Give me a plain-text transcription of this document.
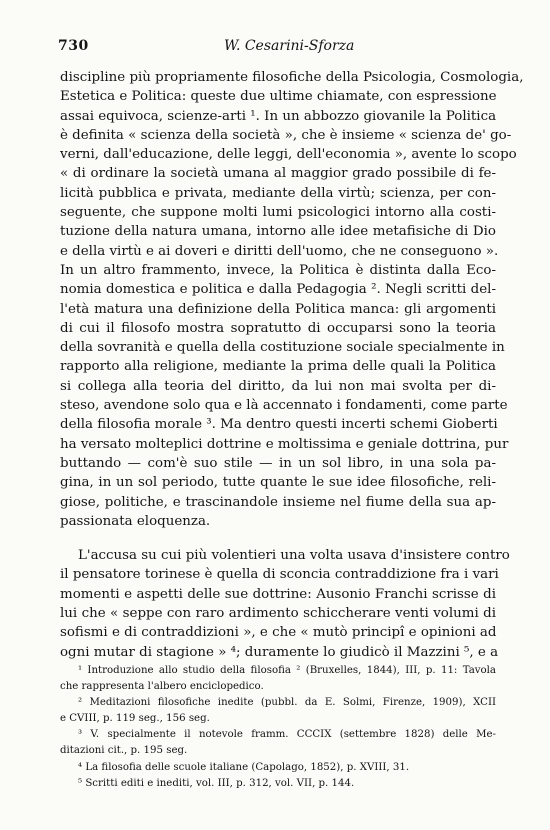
730	W. Cesarini-Sforza
discipline più propriamente filosofiche della Psicologia, Cosmologia,
Estetica e Politica: queste due ultime chiamate, con espressione
assai equivoca, scienze-arti ¹. In un abbozzo giovanile la Politica
è definita « scienza della società », che è insieme « scienza de' go-
verni, dall'educazione, delle leggi, dell'economia », avente lo scopo
« di ordinare la società umana al maggior grado possibile di fe-
licità pubblica e privata, mediante della virtù; scienza, per con-
seguente, che suppone molti lumi psicologici intorno alla costi-
tuzione della natura umana, intorno alle idee metafisiche di Dio
e della virtù e ai doveri e diritti dell'uomo, che ne conseguono ».
In un altro frammento, invece, la Politica è distinta dalla Eco-
nomia domestica e politica e dalla Pedagogia ². Negli scritti del-
l'età matura una definizione della Politica manca: gli argomenti
di cui il filosofo mostra sopratutto di occuparsi sono la teoria
della sovranità e quella della costituzione sociale specialmente in
rapporto alla religione, mediante la prima delle quali la Politica
si collega alla teoria del diritto, da lui non mai svolta per di-
steso, avendone solo qua e là accennato i fondamenti, come parte
della filosofia morale ³. Ma dentro questi incerti schemi Gioberti
ha versato molteplici dottrine e moltissima e geniale dottrina, pur
buttando — com'è suo stile — in un sol libro, in una sola pa-
gina, in un sol periodo, tutte quante le sue idee filosofiche, reli-
giose, politiche, e trascinandole insieme nel fiume della sua ap-
passionata eloquenza.
L'accusa su cui più volentieri una volta usava d'insistere contro
il pensatore torinese è quella di sconcia contraddizione fra i vari
momenti e aspetti delle sue dottrine: Ausonio Franchi scrisse di
lui che « seppe con raro ardimento schiccherare venti volumi di
sofismi e di contraddizioni », e che « mutò principî e opinioni ad
ogni mutar di stagione » ⁴; duramente lo giudicò il Mazzini ⁵, e a
¹ Introduzione allo studio della filosofia ² (Bruxelles, 1844), III, p. 11: Tavola
che rappresenta l'albero enciclopedico.
² Meditazioni filosofiche inedite (pubbl. da E. Solmi, Firenze, 1909), XCII
e CVIII, p. 119 seg., 156 seg.
³ V. specialmente il notevole framm. CCCIX (settembre 1828) delle Me-
ditazioni cit., p. 195 seg.
⁴ La filosofia delle scuole italiane (Capolago, 1852), p. XVIII, 31.
⁵ Scritti editi e inediti, vol. III, p. 312, vol. VII, p. 144.
